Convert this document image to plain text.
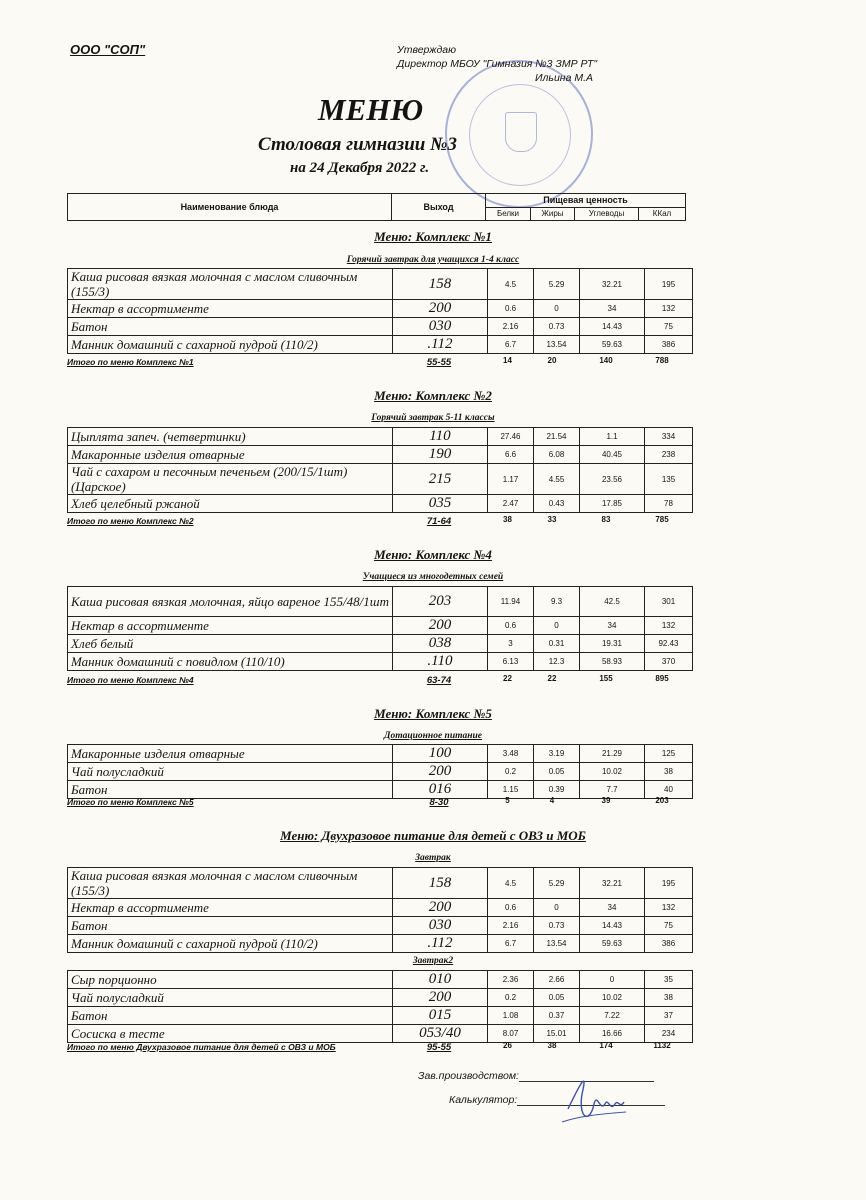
ООО "СОП"	Утверждаю
Директор МБОУ "Гимназия №3 ЗМР РТ"
Ильина М.А
МЕНЮ
Столовая гимназии №3
на 24 Декабря 2022 г.
Наименование блюда	Выход
Пищевая ценность
Белки	Жиры	Углеводы	ККал
Меню: Комплекс №1
Горячий завтрак для учащихся 1-4 класс
Каша рисовая вязкая молочная с маслом сливочным (155/3)	158	4.5	5.29	32.21	195
Нектар в ассортименте	200	0.6	0	34	132
Батон	030	2.16	0.73	14.43	75
Манник домашний с сахарной пудрой (110/2)	.112	6.7	13.54	59.63	386
Итого по меню Комплекс №1	55-55	14	20	140	788
Меню: Комплекс №2
Горячий завтрак 5-11 классы
Цыплята запеч. (четвертинки)	110	27.46	21.54	1.1	334
Макаронные изделия отварные	190	6.6	6.08	40.45	238
Чай с сахаром и песочным печеньем (200/15/1шт) (Царское)	215	1.17	4.55	23.56	135
Хлеб целебный ржаной	035	2.47	0.43	17.85	78
Итого по меню Комплекс №2	71-64	38	33	83	785
Меню: Комплекс №4
Учащиеся из многодетных семей
Каша рисовая вязкая молочная, яйцо вареное 155/48/1шт	203	11.94	9.3	42.5	301
Нектар в ассортименте	200	0.6	0	34	132
Хлеб белый	038	3	0.31	19.31	92.43
Манник домашний с повидлом (110/10)	.110	6.13	12.3	58.93	370
Итого по меню Комплекс №4	63-74	22	22	155	895
Меню: Комплекс №5
Дотационное питание
Макаронные изделия отварные	100	3.48	3.19	21.29	125
Чай полусладкий	200	0.2	0.05	10.02	38
Батон	016	1.15	0.39	7.7	40
Итого по меню Комплекс №5	8-30	5	4	39	203
Меню: Двухразовое питание для детей с ОВЗ и МОБ
Завтрак
Каша рисовая вязкая молочная с маслом сливочным (155/3)	158	4.5	5.29	32.21	195
Нектар в ассортименте	200	0.6	0	34	132
Батон	030	2.16	0.73	14.43	75
Манник домашний с сахарной пудрой (110/2)	.112	6.7	13.54	59.63	386
Завтрак2
Сыр порционно	010	2.36	2.66	0	35
Чай полусладкий	200	0.2	0.05	10.02	38
Батон	015	1.08	0.37	7.22	37
Сосиска в тесте	053/40	8.07	15.01	16.66	234
Итого по меню Двухразовое питание для детей с ОВЗ и МОБ	95-55	26	38	174	1132
Зав.производством:
Калькулятор:
